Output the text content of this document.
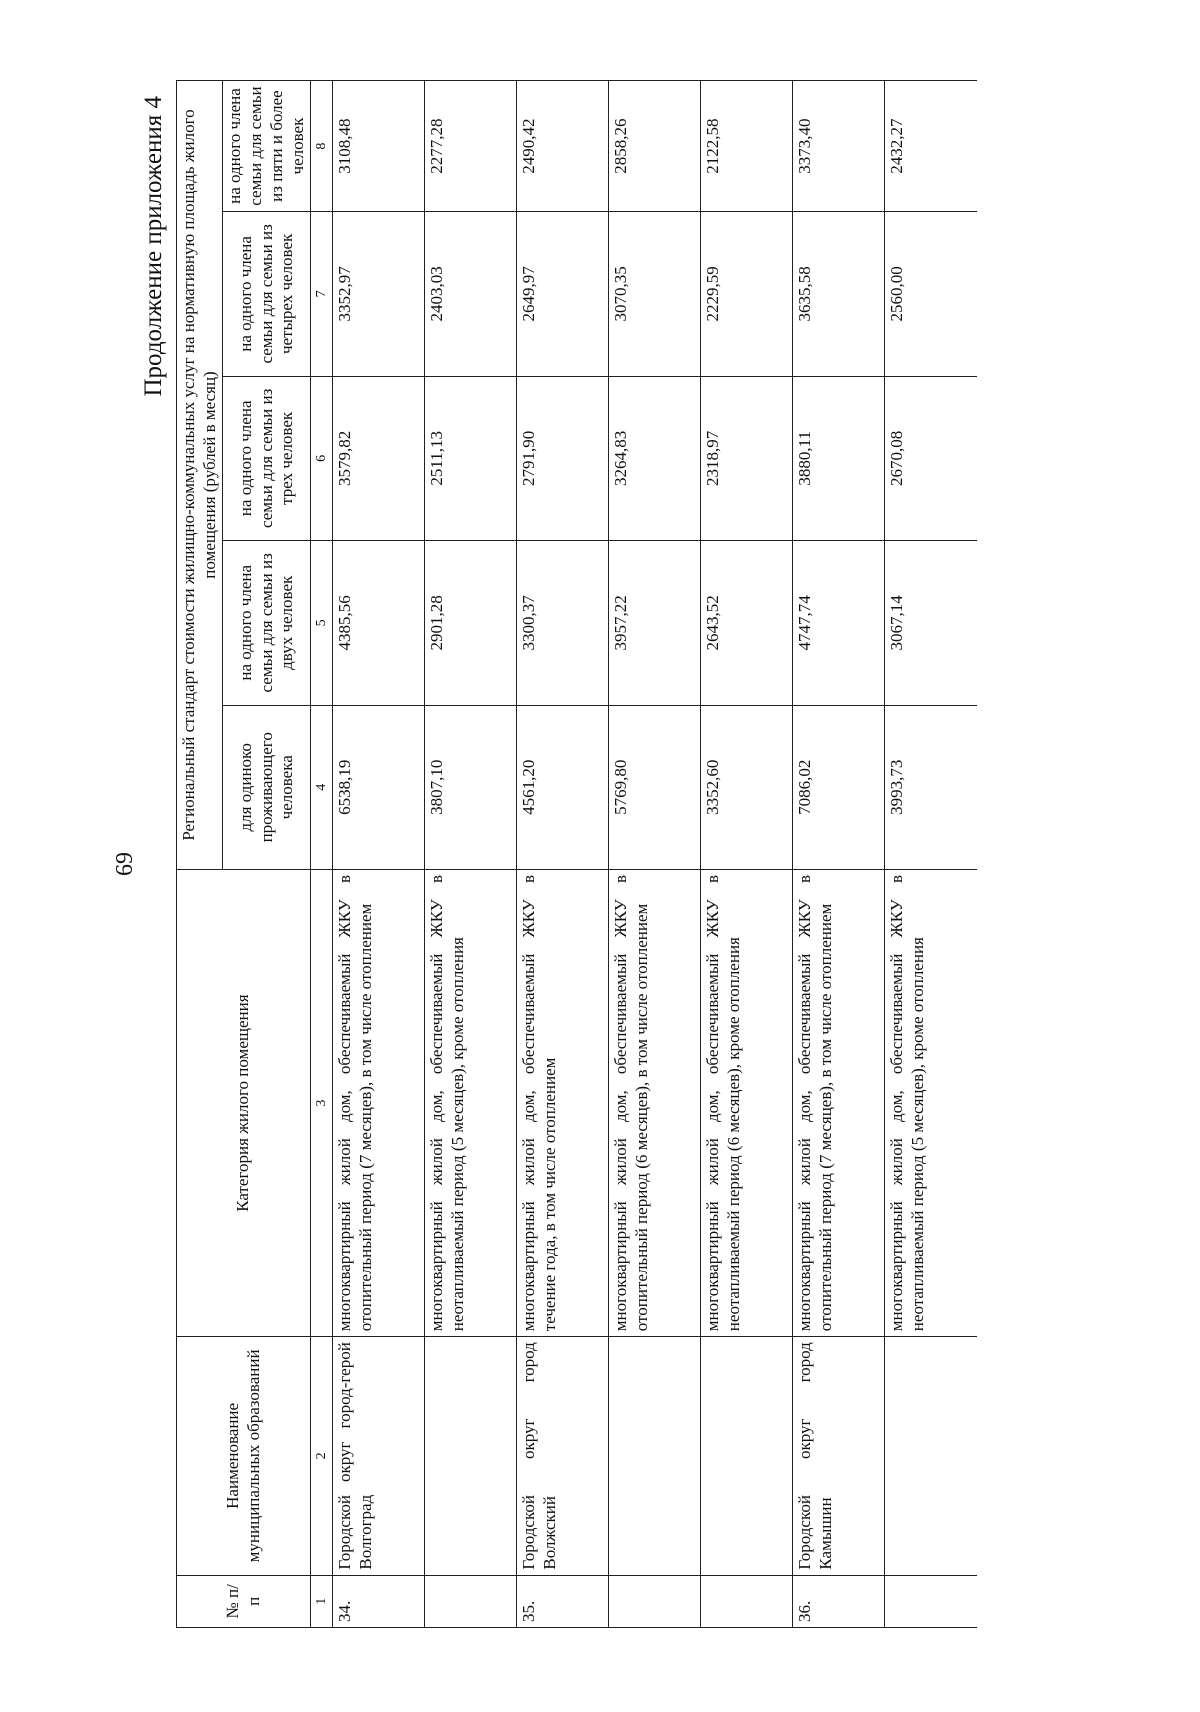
69
Продолжение приложения 4
№ п/п	Наименование муниципальных образований	Категория жилого помещения	Региональный стандарт стоимости жилищно-коммунальных услуг на нормативную площадь жилого помещения (рублей в месяц)				
			для одиноко проживающего человека	на одного члена семьи для семьи из двух человек	на одного члена семьи для семьи из трех человек	на одного члена семьи для семьи из четырех человек	на одного члена семьи для семьи из пяти и более человек
1	2	3	4	5	6	7	8
34.	Городской округ город-герой Волгоград	многоквартирный жилой дом, обеспечиваемый ЖКУ в отопительный период (7 месяцев), в том числе отоплением	6538,19	4385,56	3579,82	3352,97	3108,48
		многоквартирный жилой дом, обеспечиваемый ЖКУ в неотапливаемый период (5 месяцев), кроме отопления	3807,10	2901,28	2511,13	2403,03	2277,28
35.	Городской округ город Волжский	многоквартирный жилой дом, обеспечиваемый ЖКУ в течение года, в том числе отоплением	4561,20	3300,37	2791,90	2649,97	2490,42
		многоквартирный жилой дом, обеспечиваемый ЖКУ в отопительный период (6 месяцев), в том числе отоплением	5769,80	3957,22	3264,83	3070,35	2858,26
		многоквартирный жилой дом, обеспечиваемый ЖКУ в неотапливаемый период (6 месяцев), кроме отопления	3352,60	2643,52	2318,97	2229,59	2122,58
36.	Городской округ город Камышин	многоквартирный жилой дом, обеспечиваемый ЖКУ в отопительный период (7 месяцев), в том числе отоплением	7086,02	4747,74	3880,11	3635,58	3373,40
		многоквартирный жилой дом, обеспечиваемый ЖКУ в неотапливаемый период (5 месяцев), кроме отопления	3993,73	3067,14	2670,08	2560,00	2432,27
